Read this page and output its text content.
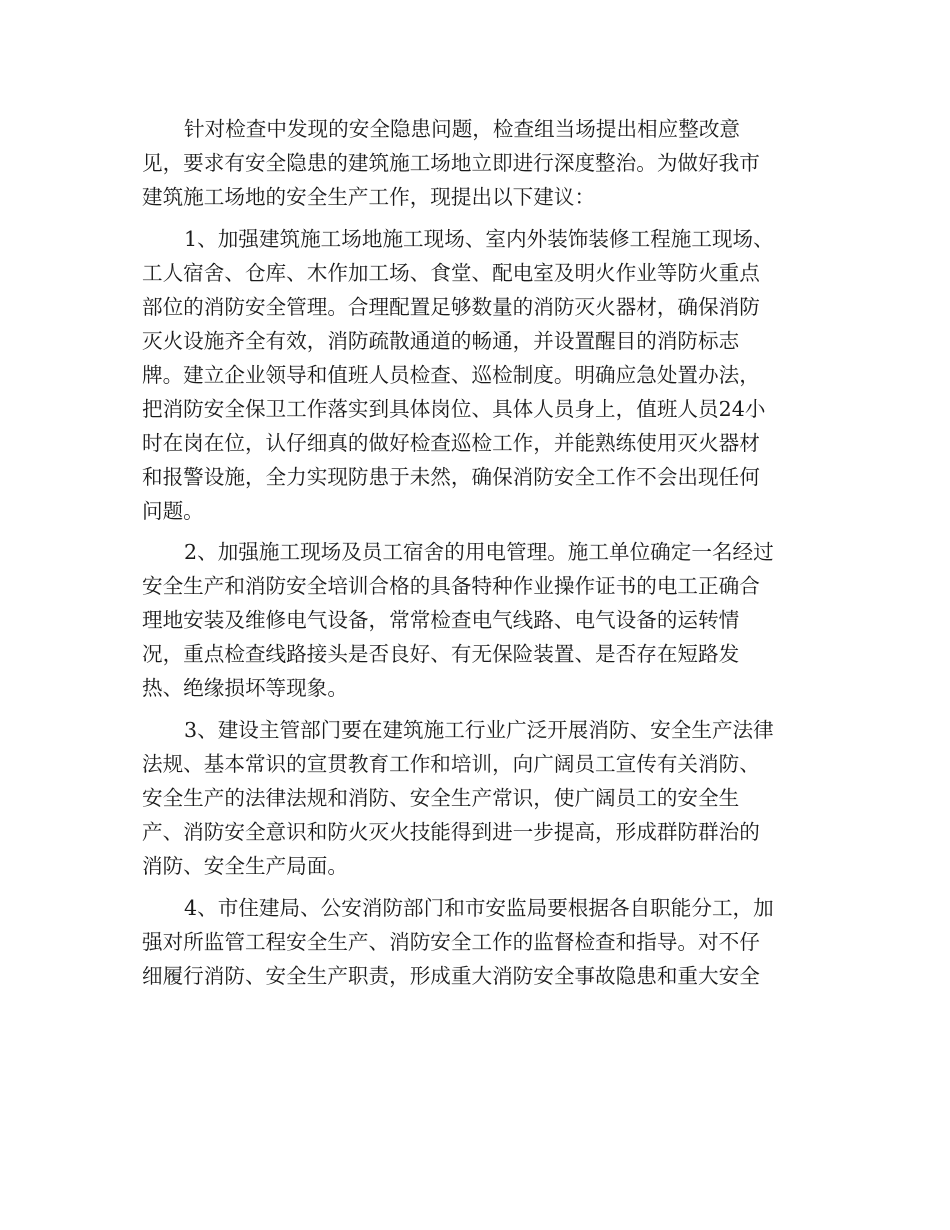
针对检查中发现的安全隐患问题，检查组当场提出相应整改意
见，要求有安全隐患的建筑施工场地立即进行深度整治。为做好我市
建筑施工场地的安全生产工作，现提出以下建议：
1、加强建筑施工场地施工现场、室内外装饰装修工程施工现场、
工人宿舍、仓库、木作加工场、食堂、配电室及明火作业等防火重点
部位的消防安全管理。合理配置足够数量的消防灭火器材，确保消防
灭火设施齐全有效，消防疏散通道的畅通，并设置醒目的消防标志
牌。建立企业领导和值班人员检查、巡检制度。明确应急处置办法，
把消防安全保卫工作落实到具体岗位、具体人员身上，值班人员24小
时在岗在位，认仔细真的做好检查巡检工作，并能熟练使用灭火器材
和报警设施，全力实现防患于未然，确保消防安全工作不会出现任何
问题。
2、加强施工现场及员工宿舍的用电管理。施工单位确定一名经过
安全生产和消防安全培训合格的具备特种作业操作证书的电工正确合
理地安装及维修电气设备，常常检查电气线路、电气设备的运转情
况，重点检查线路接头是否良好、有无保险装置、是否存在短路发
热、绝缘损坏等现象。
3、建设主管部门要在建筑施工行业广泛开展消防、安全生产法律
法规、基本常识的宣贯教育工作和培训，向广阔员工宣传有关消防、
安全生产的法律法规和消防、安全生产常识，使广阔员工的安全生
产、消防安全意识和防火灭火技能得到进一步提高，形成群防群治的
消防、安全生产局面。
4、市住建局、公安消防部门和市安监局要根据各自职能分工，加
强对所监管工程安全生产、消防安全工作的监督检查和指导。对不仔
细履行消防、安全生产职责，形成重大消防安全事故隐患和重大安全
